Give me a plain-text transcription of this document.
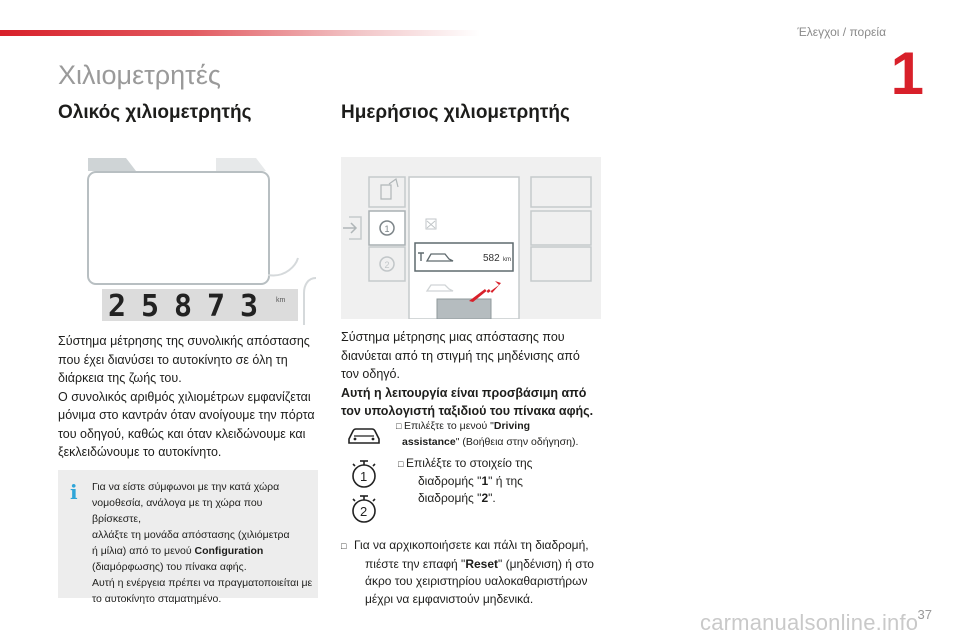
Έλεγχοι / πορεία
1
Χιλιομετρητές
Ολικός χιλιομετρητής	Ημερήσιος χιλιομετρητής
2 5 8 7 3	km
1
2
582 km
Σύστημα μέτρησης της συνολικής απόστασης
που έχει διανύσει το αυτοκίνητο σε όλη τη
διάρκεια της ζωής του.
Ο συνολικός αριθμός χιλιομέτρων εμφανίζεται
μόνιμα στο καντράν όταν ανοίγουμε την πόρτα
του οδηγού, καθώς και όταν κλειδώνουμε και
ξεκλειδώνουμε το αυτοκίνητο.
i Για να είστε σύμφωνοι με την κατά χώρα
νομοθεσία, ανάλογα με τη χώρα που βρίσκεστε,
αλλάξτε τη μονάδα απόστασης (χιλιόμετρα
ή μίλια) από το μενού Configuration
(διαμόρφωσης) του πίνακα αφής.
Αυτή η ενέργεια πρέπει να πραγματοποιείται με
το αυτοκίνητο σταματημένο.
Σύστημα μέτρησης μιας απόστασης που
διανύεται από τη στιγμή της μηδένισης από
τον οδηγό.
Αυτή η λειτουργία είναι προσβάσιμη από
τον υπολογιστή ταξιδιού του πίνακα αφής.
□ Επιλέξτε το μενού "Driving
assistance" (Βοήθεια στην οδήγηση).
1
2
□ Επιλέξτε το στοιχείο της
διαδρομής "1" ή της
διαδρομής "2".
□   Για να αρχικοποιήσετε και πάλι τη διαδρομή,
πιέστε την επαφή "Reset" (μηδένιση) ή στο
άκρο του χειριστηρίου υαλοκαθαριστήρων
μέχρι να εμφανιστούν μηδενικά.
carmanualsonline.info 37
